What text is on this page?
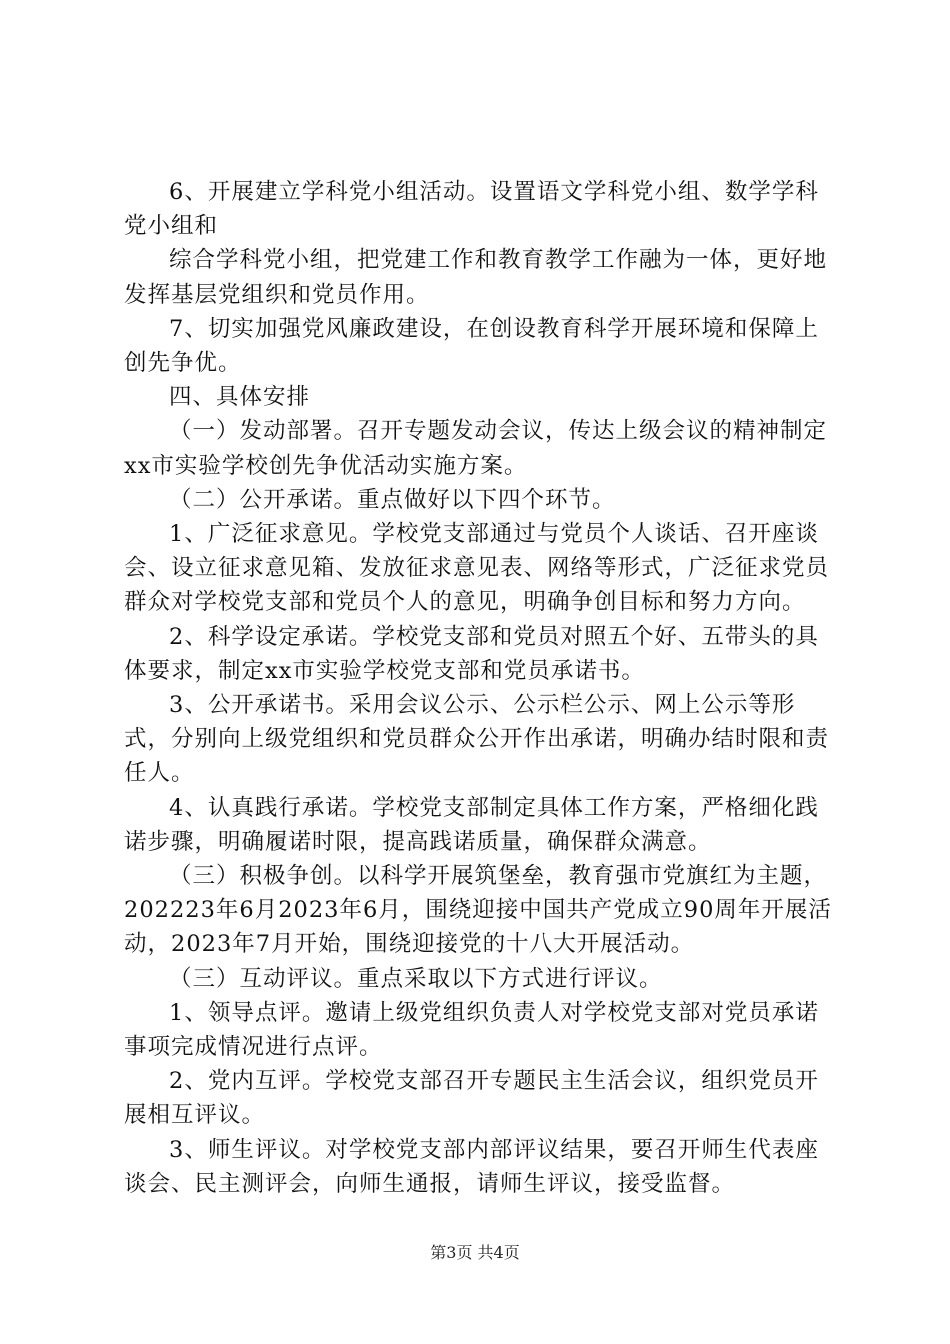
6、开展建立学科党小组活动。设置语文学科党小组、数学学科党小组和

综合学科党小组，把党建工作和教育教学工作融为一体，更好地发挥基层党组织和党员作用。

7、切实加强党风廉政建设，在创设教育科学开展环境和保障上创先争优。

四、具体安排

（一）发动部署。召开专题发动会议，传达上级会议的精神制定xx市实验学校创先争优活动实施方案。

（二）公开承诺。重点做好以下四个环节。

1、广泛征求意见。学校党支部通过与党员个人谈话、召开座谈会、设立征求意见箱、发放征求意见表、网络等形式，广泛征求党员群众对学校党支部和党员个人的意见，明确争创目标和努力方向。

2、科学设定承诺。学校党支部和党员对照五个好、五带头的具体要求，制定xx市实验学校党支部和党员承诺书。

3、公开承诺书。采用会议公示、公示栏公示、网上公示等形式，分别向上级党组织和党员群众公开作出承诺，明确办结时限和责任人。

4、认真践行承诺。学校党支部制定具体工作方案，严格细化践诺步骤，明确履诺时限，提高践诺质量，确保群众满意。

（三）积极争创。以科学开展筑堡垒，教育强市党旗红为主题，202223年6月2023年6月，围绕迎接中国共产党成立90周年开展活动，2023年7月开始，围绕迎接党的十八大开展活动。

（三）互动评议。重点采取以下方式进行评议。

1、领导点评。邀请上级党组织负责人对学校党支部对党员承诺事项完成情况进行点评。

2、党内互评。学校党支部召开专题民主生活会议，组织党员开展相互评议。

3、师生评议。对学校党支部内部评议结果，要召开师生代表座谈会、民主测评会，向师生通报，请师生评议，接受监督。

第3页 共4页
